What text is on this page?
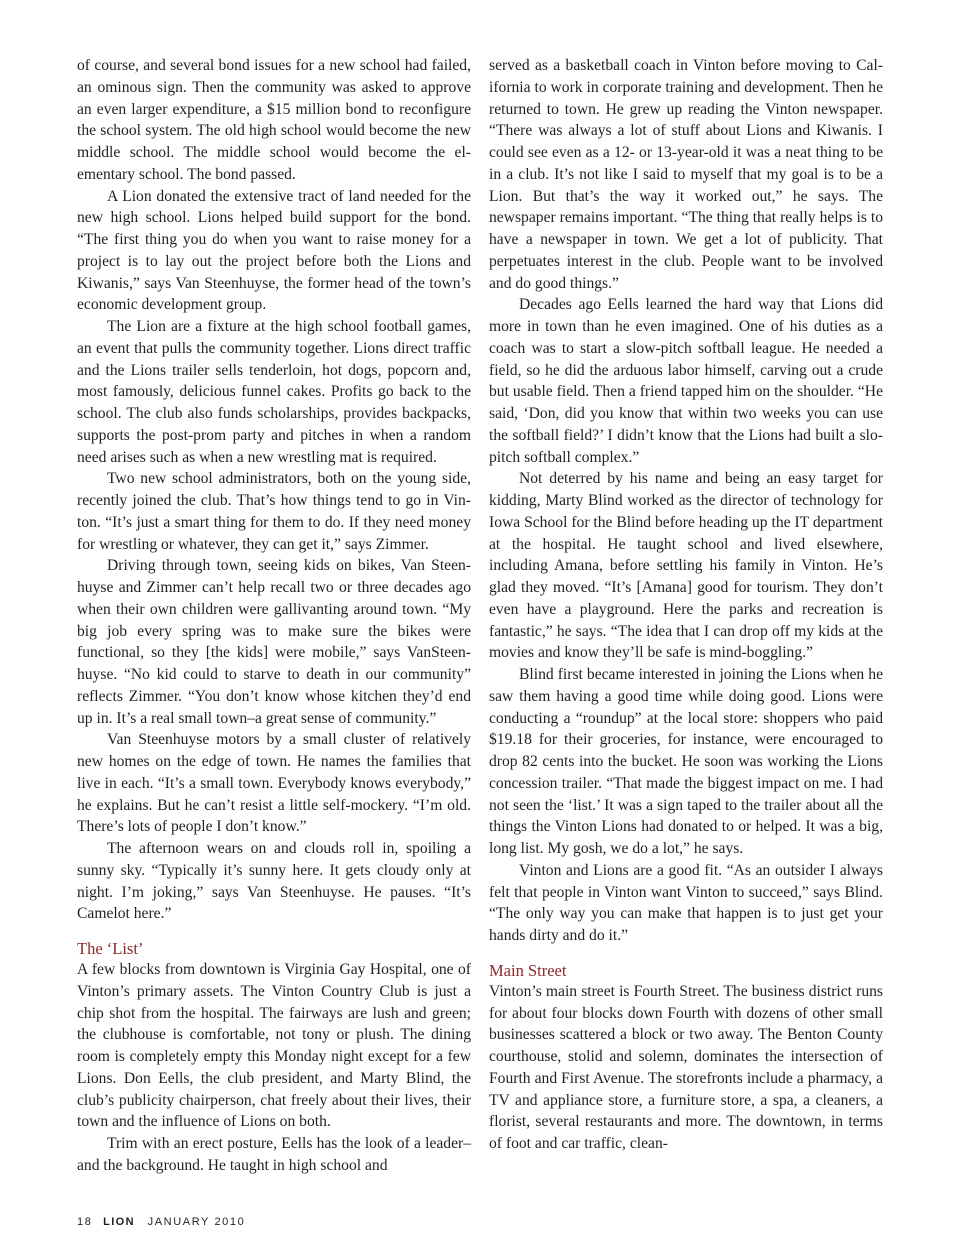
of course, and several bond issues for a new school had failed, an ominous sign. Then the community was asked to approve an even larger expenditure, a $15 million bond to reconfigure the school system. The old high school would become the new middle school. The middle school would become the elementary school. The bond passed.

A Lion donated the extensive tract of land needed for the new high school. Lions helped build support for the bond. “The first thing you do when you want to raise money for a project is to lay out the project before both the Lions and Kiwanis,” says Van Steenhuyse, the former head of the town’s economic development group.

The Lion are a fixture at the high school football games, an event that pulls the community together. Lions direct traffic and the Lions trailer sells tenderloin, hot dogs, popcorn and, most famously, delicious funnel cakes. Profits go back to the school. The club also funds scholarships, provides backpacks, supports the post-prom party and pitches in when a random need arises such as when a new wrestling mat is required.

Two new school administrators, both on the young side, recently joined the club. That’s how things tend to go in Vinton. “It’s just a smart thing for them to do. If they need money for wrestling or whatever, they can get it,” says Zimmer.

Driving through town, seeing kids on bikes, Van Steenhuyse and Zimmer can’t help recall two or three decades ago when their own children were gallivanting around town. “My big job every spring was to make sure the bikes were functional, so they [the kids] were mobile,” says VanSteenhuyse. “No kid could to starve to death in our community” reflects Zimmer. “You don’t know whose kitchen they’d end up in. It’s a real small town–a great sense of community.”

Van Steenhuyse motors by a small cluster of relatively new homes on the edge of town. He names the families that live in each. “It’s a small town. Everybody knows everybody,” he explains. But he can’t resist a little self-mockery. “I’m old. There’s lots of people I don’t know.”

The afternoon wears on and clouds roll in, spoiling a sunny sky. “Typically it’s sunny here. It gets cloudy only at night. I’m joking,” says Van Steenhuyse. He pauses. “It’s Camelot here.”

The ‘List’

A few blocks from downtown is Virginia Gay Hospital, one of Vinton’s primary assets. The Vinton Country Club is just a chip shot from the hospital. The fairways are lush and green; the clubhouse is comfortable, not tony or plush. The dining room is completely empty this Monday night except for a few Lions. Don Eells, the club president, and Marty Blind, the club’s publicity chairperson, chat freely about their lives, their town and the influence of Lions on both.

Trim with an erect posture, Eells has the look of a leader–and the background. He taught in high school and

served as a basketball coach in Vinton before moving to California to work in corporate training and development. Then he returned to town. He grew up reading the Vinton newspaper. “There was always a lot of stuff about Lions and Kiwanis. I could see even as a 12- or 13-year-old it was a neat thing to be in a club. It’s not like I said to myself that my goal is to be a Lion. But that’s the way it worked out,” he says. The newspaper remains important. “The thing that really helps is to have a newspaper in town. We get a lot of publicity. That perpetuates interest in the club. People want to be involved and do good things.”

Decades ago Eells learned the hard way that Lions did more in town than he even imagined. One of his duties as a coach was to start a slow-pitch softball league. He needed a field, so he did the arduous labor himself, carving out a crude but usable field. Then a friend tapped him on the shoulder. “He said, ‘Don, did you know that within two weeks you can use the softball field?’ I didn’t know that the Lions had built a slo-pitch softball complex.”

Not deterred by his name and being an easy target for kidding, Marty Blind worked as the director of technology for Iowa School for the Blind before heading up the IT department at the hospital. He taught school and lived elsewhere, including Amana, before settling his family in Vinton. He’s glad they moved. “It’s [Amana] good for tourism. They don’t even have a playground. Here the parks and recreation is fantastic,” he says. “The idea that I can drop off my kids at the movies and know they’ll be safe is mind-boggling.”

Blind first became interested in joining the Lions when he saw them having a good time while doing good. Lions were conducting a “roundup” at the local store: shoppers who paid $19.18 for their groceries, for instance, were encouraged to drop 82 cents into the bucket. He soon was working the Lions concession trailer. “That made the biggest impact on me. I had not seen the ‘list.’ It was a sign taped to the trailer about all the things the Vinton Lions had donated to or helped. It was a big, long list. My gosh, we do a lot,” he says.

Vinton and Lions are a good fit. “As an outsider I always felt that people in Vinton want Vinton to succeed,” says Blind. “The only way you can make that happen is to just get your hands dirty and do it.”

Main Street

Vinton’s main street is Fourth Street. The business district runs for about four blocks down Fourth with dozens of other small businesses scattered a block or two away. The Benton County courthouse, stolid and solemn, dominates the intersection of Fourth and First Avenue. The storefronts include a pharmacy, a TV and appliance store, a furniture store, a spa, a cleaners, a florist, several restaurants and more. The downtown, in terms of foot and car traffic, clean-

18 LION JANUARY 2010
